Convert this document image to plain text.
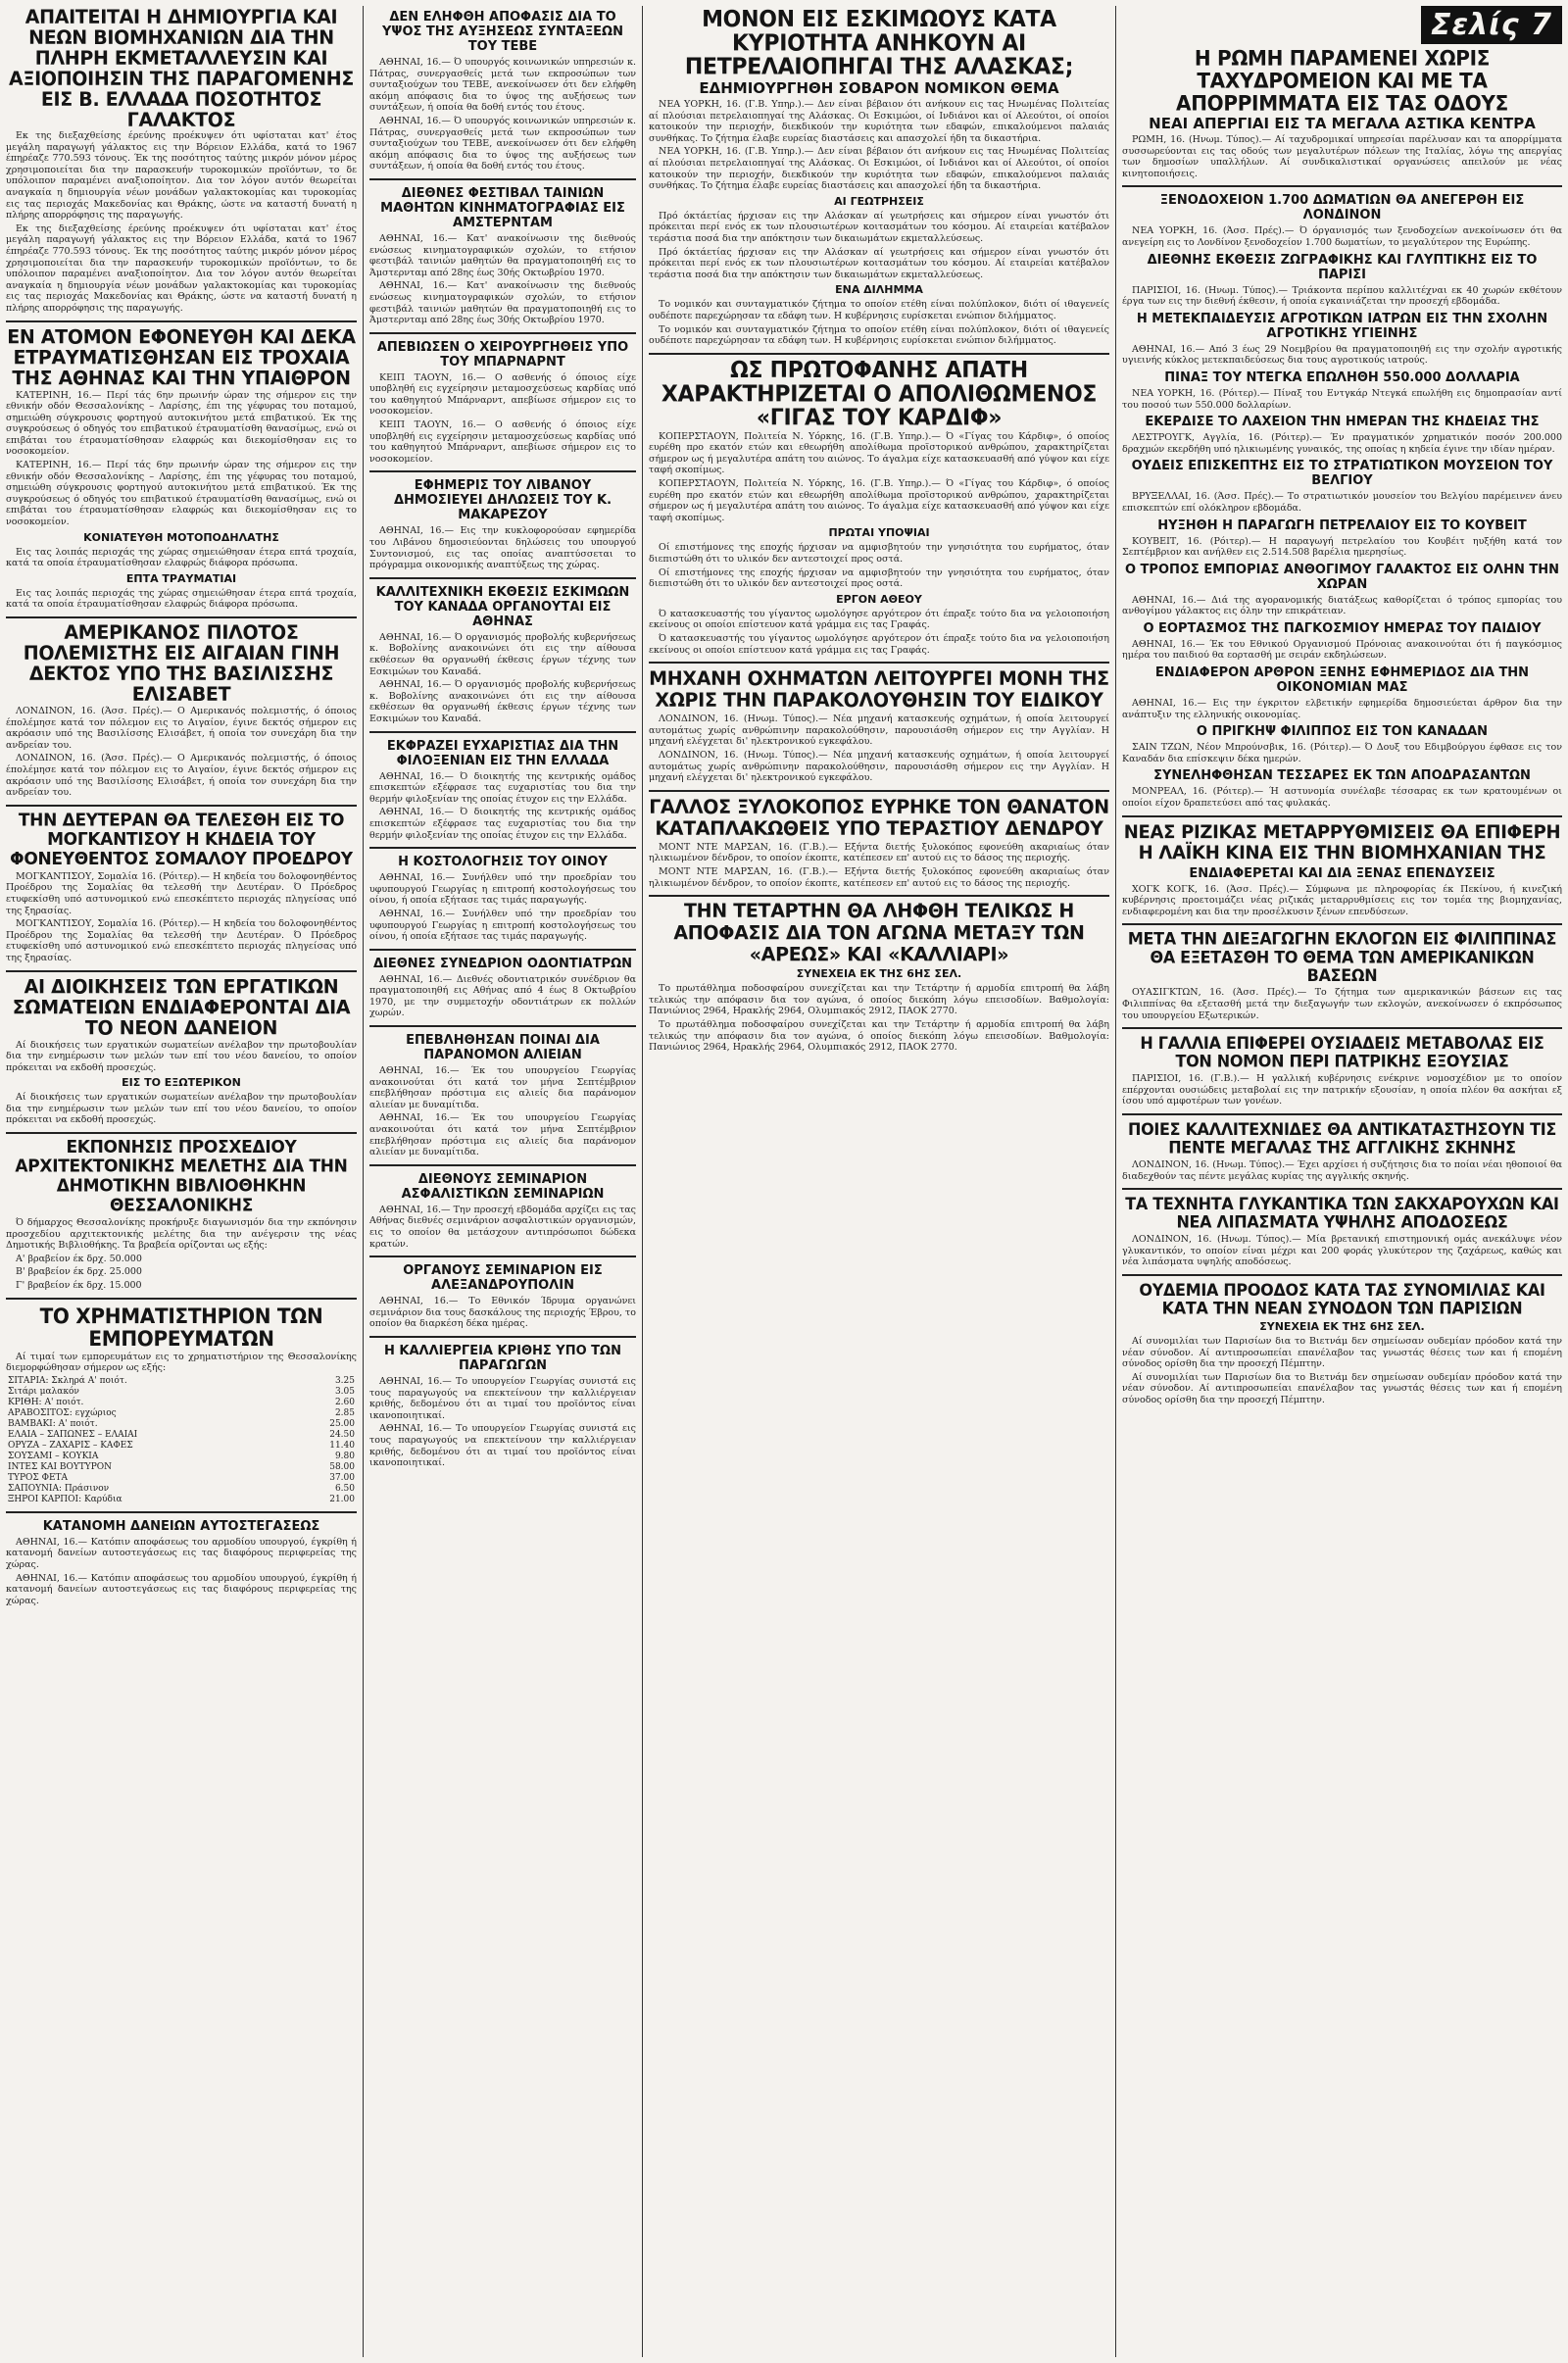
ΑΠΑΙΤΕΙΤΑΙ Η ΔΗΜΙΟΥΡΓΙΑ ΚΑΙ ΝΕΩΝ ΒΙΟΜΗΧΑΝΙΩΝ ΔΙΑ ΤΗΝ ΠΛΗΡΗ ΕΚΜΕΤΑΛΛΕΥΣΙΝ ΚΑΙ ΑΞΙΟΠΟΙΗΣΙΝ ΤΗΣ ΠΑΡΑΓΟΜΕΝΗΣ ΕΙΣ Β. ΕΛΛΑΔΑ ΠΟΣΟΤΗΤΟΣ ΓΑΛΑΚΤΟΣ

Εκ της διεξαχθείσης έρεύνης προέκυψεν ότι υφίσταται κατ' έτος μεγάλη παραγωγή γάλακτος εις την Βόρειον Ελλάδα, κατά το 1967 έπηρέαζε 770.593 τόνους. Έκ της ποσότητος ταύτης μικρόν μόνον μέρος χρησιμοποιείται δια την παρασκευήν τυροκομικών προϊόντων, το δε υπόλοιπον παραμένει αναξιοποίητον. Δια τον λόγον αυτόν θεωρείται αναγκαία η δημιουργία νέων μονάδων γαλακτοκομίας και τυροκομίας εις τας περιοχάς Μακεδονίας και Θράκης, ώστε να καταστή δυνατή η πλήρης απορρόφησις της παραγωγής.

Εκ της διεξαχθείσης έρεύνης προέκυψεν ότι υφίσταται κατ' έτος μεγάλη παραγωγή γάλακτος εις την Βόρειον Ελλάδα, κατά το 1967 έπηρέαζε 770.593 τόνους. Έκ της ποσότητος ταύτης μικρόν μόνον μέρος χρησιμοποιείται δια την παρασκευήν τυροκομικών προϊόντων, το δε υπόλοιπον παραμένει αναξιοποίητον. Δια τον λόγον αυτόν θεωρείται αναγκαία η δημιουργία νέων μονάδων γαλακτοκομίας και τυροκομίας εις τας περιοχάς Μακεδονίας και Θράκης, ώστε να καταστή δυνατή η πλήρης απορρόφησις της παραγωγής.

ΕΝ ΑΤΟΜΟΝ ΕΦΟΝΕΥΘΗ ΚΑΙ ΔΕΚΑ ΕΤΡΑΥΜΑΤΙΣΘΗΣΑΝ ΕΙΣ ΤΡΟΧΑΙΑ ΤΗΣ ΑΘΗΝΑΣ ΚΑΙ ΤΗΝ ΥΠΑΙΘΡΟΝ

ΚΑΤΕΡΙΝΗ, 16.— Περί τάς 6ην πρωινήν ώραν της σήμερον εις την εθνικήν οδόν Θεσσαλονίκης – Λαρίσης, έπι της γέφυρας του ποταμού, σημειώθη σύγκρουσις φορτηγού αυτοκινήτου μετά επιβατικού. Έκ της συγκρούσεως ό οδηγός του επιβατικού έτραυματίσθη θανασίμως, ενώ οι επιβάται του έτραυματίσθησαν ελαφρώς και διεκομίσθησαν εις το νοσοκομείον.

ΚΑΤΕΡΙΝΗ, 16.— Περί τάς 6ην πρωινήν ώραν της σήμερον εις την εθνικήν οδόν Θεσσαλονίκης – Λαρίσης, έπι της γέφυρας του ποταμού, σημειώθη σύγκρουσις φορτηγού αυτοκινήτου μετά επιβατικού. Έκ της συγκρούσεως ό οδηγός του επιβατικού έτραυματίσθη θανασίμως, ενώ οι επιβάται του έτραυματίσθησαν ελαφρώς και διεκομίσθησαν εις το νοσοκομείον.

ΚΟΝΙΑΤΕΥΘΗ ΜΟΤΟΠΟΔΗΛΑΤΗΣ

Εις τας λοιπάς περιοχάς της χώρας σημειώθησαν έτερα επτά τροχαία, κατά τα οποία έτραυματίσθησαν ελαφρώς διάφορα πρόσωπα.

ΕΠΤΑ ΤΡΑΥΜΑΤΙΑΙ

Εις τας λοιπάς περιοχάς της χώρας σημειώθησαν έτερα επτά τροχαία, κατά τα οποία έτραυματίσθησαν ελαφρώς διάφορα πρόσωπα.

ΑΜΕΡΙΚΑΝΟΣ ΠΙΛΟΤΟΣ ΠΟΛΕΜΙΣΤΗΣ ΕΙΣ ΑΙΓΑΙΑΝ ΓΙΝΗ ΔΕΚΤΟΣ ΥΠΟ ΤΗΣ ΒΑΣΙΛΙΣΣΗΣ ΕΛΙΣΑΒΕΤ

ΛΟΝΔΙΝΟΝ, 16. (Άσσ. Πρές).— Ο Αμερικανός πολεμιστής, ό όποιος έπολέμησε κατά τον πόλεμον εις το Αιγαίον, έγινε δεκτός σήμερον εις ακρόασιν υπό της Βασιλίσσης Ελισάβετ, ή οποία τον συνεχάρη δια την ανδρείαν του.

ΛΟΝΔΙΝΟΝ, 16. (Άσσ. Πρές).— Ο Αμερικανός πολεμιστής, ό όποιος έπολέμησε κατά τον πόλεμον εις το Αιγαίον, έγινε δεκτός σήμερον εις ακρόασιν υπό της Βασιλίσσης Ελισάβετ, ή οποία τον συνεχάρη δια την ανδρείαν του.

ΤΗΝ ΔΕΥΤΕΡΑΝ ΘΑ ΤΕΛΕΣΘΗ ΕΙΣ ΤΟ ΜΟΓΚΑΝΤΙΣΟΥ Η ΚΗΔΕΙΑ ΤΟΥ ΦΟΝΕΥΘΕΝΤΟΣ ΣΟΜΑΛΟΥ ΠΡΟΕΔΡΟΥ

ΜΟΓΚΑΝΤΙΣΟΥ, Σομαλία 16. (Ρόιτερ).— Η κηδεία του δολοφονηθέντος Προέδρου της Σομαλίας θα τελεσθή την Δευτέραν. Ό Πρόεδρος ετυφεκίσθη υπό αστυνομικού ενώ επεσκέπτετο περιοχάς πληγείσας υπό της ξηρασίας.

ΜΟΓΚΑΝΤΙΣΟΥ, Σομαλία 16. (Ρόιτερ).— Η κηδεία του δολοφονηθέντος Προέδρου της Σομαλίας θα τελεσθή την Δευτέραν. Ό Πρόεδρος ετυφεκίσθη υπό αστυνομικού ενώ επεσκέπτετο περιοχάς πληγείσας υπό της ξηρασίας.

ΑΙ ΔΙΟΙΚΗΣΕΙΣ ΤΩΝ ΕΡΓΑΤΙΚΩΝ ΣΩΜΑΤΕΙΩΝ ΕΝΔΙΑΦΕΡΟΝΤΑΙ ΔΙΑ ΤΟ ΝΕΟΝ ΔΑΝΕΙΟΝ

Αί διοικήσεις των εργατικών σωματείων ανέλαβον την πρωτοβουλίαν δια την ενημέρωσιν των μελών των επί του νέου δανείου, το οποίον πρόκειται να εκδοθή προσεχώς.

ΕΙΣ ΤΟ ΕΞΩΤΕΡΙΚΟΝ

Αί διοικήσεις των εργατικών σωματείων ανέλαβον την πρωτοβουλίαν δια την ενημέρωσιν των μελών των επί του νέου δανείου, το οποίον πρόκειται να εκδοθή προσεχώς.

ΕΚΠΟΝΗΣΙΣ ΠΡΟΣΧΕΔΙΟΥ ΑΡΧΙΤΕΚΤΟΝΙΚΗΣ ΜΕΛΕΤΗΣ ΔΙΑ ΤΗΝ ΔΗΜΟΤΙΚΗΝ ΒΙΒΛΙΟΘΗΚΗΝ ΘΕΣΣΑΛΟΝΙΚΗΣ

Ό δήμαρχος Θεσσαλονίκης προκήρυξε διαγωνισμόν δια την εκπόνησιν προσχεδίου αρχιτεκτονικής μελέτης δια την ανέγερσιν της νέας Δημοτικής Βιβλιοθήκης. Τα βραβεία ορίζονται ως εξής:

Α' βραβείον έκ δρχ. 50.000

Β' βραβείον έκ δρχ. 25.000

Γ' βραβείον έκ δρχ. 15.000

ΤΟ ΧΡΗΜΑΤΙΣΤΗΡΙΟΝ ΤΩΝ ΕΜΠΟΡΕΥΜΑΤΩΝ

Αί τιμαί των εμπορευμάτων εις το χρηματιστήριον της Θεσσαλονίκης διεμορφώθησαν σήμερον ως εξής:

ΣΙΤΑΡΙΑ: Σκληρά Α' ποιότ.	3.25
Σιτάρι μαλακόν	3.05
ΚΡΙΘΗ: Α' ποιότ.	2.60
ΑΡΑΒΟΣΙΤΟΣ: εγχώριος	2.85
ΒΑΜΒΑΚΙ: Α' ποιότ.	25.00
ΕΛΑΙΑ – ΣΑΠΩΝΕΣ – ΕΛΑΙΑΙ	24.50
ΟΡΥΖΑ – ΖΑΧΑΡΙΣ – ΚΑΦΕΣ	11.40
ΣΟΥΣΑΜΙ – ΚΟΥΚΙΑ	9.80
ΙΝΤΕΣ ΚΑΙ ΒΟΥΤΥΡΟΝ	58.00
ΤΥΡΟΣ ΦΕΤΑ	37.00
ΣΑΠΟΥΝΙΑ: Πράσινον	6.50
ΞΗΡΟΙ ΚΑΡΠΟΙ: Καρύδια	21.00
ΚΑΤΑΝΟΜΗ ΔΑΝΕΙΩΝ ΑΥΤΟΣΤΕΓΑΣΕΩΣ

ΑΘΗΝΑΙ, 16.— Κατόπιν αποφάσεως του αρμοδίου υπουργού, έγκρίθη ή κατανομή δανείων αυτοστεγάσεως εις τας διαφόρους περιφερείας της χώρας.

ΑΘΗΝΑΙ, 16.— Κατόπιν αποφάσεως του αρμοδίου υπουργού, έγκρίθη ή κατανομή δανείων αυτοστεγάσεως εις τας διαφόρους περιφερείας της χώρας.

ΔΕΝ ΕΛΗΦΘΗ ΑΠΟΦΑΣΙΣ ΔΙΑ ΤΟ ΥΨΟΣ ΤΗΣ ΑΥΞΗΣΕΩΣ ΣΥΝΤΑΞΕΩΝ ΤΟΥ ΤΕΒΕ

ΑΘΗΝΑΙ, 16.— Ό υπουργός κοινωνικών υπηρεσιών κ. Πάτρας, συνεργασθείς μετά των εκπροσώπων των συνταξιούχων του ΤΕΒΕ, ανεκοίνωσεν ότι δεν ελήφθη ακόμη απόφασις δια το ύψος της αυξήσεως των συντάξεων, ή οποία θα δοθή εντός του έτους.

ΑΘΗΝΑΙ, 16.— Ό υπουργός κοινωνικών υπηρεσιών κ. Πάτρας, συνεργασθείς μετά των εκπροσώπων των συνταξιούχων του ΤΕΒΕ, ανεκοίνωσεν ότι δεν ελήφθη ακόμη απόφασις δια το ύψος της αυξήσεως των συντάξεων, ή οποία θα δοθή εντός του έτους.

ΔΙΕΘΝΕΣ ΦΕΣΤΙΒΑΛ ΤΑΙΝΙΩΝ ΜΑΘΗΤΩΝ ΚΙΝΗΜΑΤΟΓΡΑΦΙΑΣ ΕΙΣ ΑΜΣΤΕΡΝΤΑΜ

ΑΘΗΝΑΙ, 16.— Κατ' ανακοίνωσιν της διεθνούς ενώσεως κινηματογραφικών σχολών, το ετήσιον φεστιβάλ ταινιών μαθητών θα πραγματοποιηθή εις το Άμστερνταμ από 28ης έως 30ής Οκτωβρίου 1970.

ΑΘΗΝΑΙ, 16.— Κατ' ανακοίνωσιν της διεθνούς ενώσεως κινηματογραφικών σχολών, το ετήσιον φεστιβάλ ταινιών μαθητών θα πραγματοποιηθή εις το Άμστερνταμ από 28ης έως 30ής Οκτωβρίου 1970.

ΑΠΕΒΙΩΣΕΝ Ο ΧΕΙΡΟΥΡΓΗΘΕΙΣ ΥΠΟ ΤΟΥ ΜΠΑΡΝΑΡΝΤ

ΚΕΙΠ ΤΑΟΥΝ, 16.— Ο ασθενής ό όποιος είχε υποβληθή εις εγχείρησιν μεταμοσχεύσεως καρδίας υπό του καθηγητού Μπάρναρντ, απεβίωσε σήμερον εις το νοσοκομείον.

ΚΕΙΠ ΤΑΟΥΝ, 16.— Ο ασθενής ό όποιος είχε υποβληθή εις εγχείρησιν μεταμοσχεύσεως καρδίας υπό του καθηγητού Μπάρναρντ, απεβίωσε σήμερον εις το νοσοκομείον.

ΕΦΗΜΕΡΙΣ ΤΟΥ ΛΙΒΑΝΟΥ ΔΗΜΟΣΙΕΥΕΙ ΔΗΛΩΣΕΙΣ ΤΟΥ Κ. ΜΑΚΑΡΕΖΟΥ

ΑΘΗΝΑΙ, 16.— Εις την κυκλοφορούσαν εφημερίδα του Λιβάνου δημοσιεύονται δηλώσεις του υπουργού Συντονισμού, εις τας οποίας αναπτύσσεται το πρόγραμμα οικονομικής αναπτύξεως της χώρας.

ΚΑΛΛΙΤΕΧΝΙΚΗ ΕΚΘΕΣΙΣ ΕΣΚΙΜΩΩΝ ΤΟΥ ΚΑΝΑΔΑ ΟΡΓΑΝΟΥΤΑΙ ΕΙΣ ΑΘΗΝΑΣ

ΑΘΗΝΑΙ, 16.— Ό οργανισμός προβολής κυβερνήσεως κ. Βοβολίνης ανακοινώνει ότι εις την αίθουσα εκθέσεων θα οργανωθή έκθεσις έργων τέχνης των Εσκιμώων του Καναδά.

ΑΘΗΝΑΙ, 16.— Ό οργανισμός προβολής κυβερνήσεως κ. Βοβολίνης ανακοινώνει ότι εις την αίθουσα εκθέσεων θα οργανωθή έκθεσις έργων τέχνης των Εσκιμώων του Καναδά.

ΕΚΦΡΑΖΕΙ ΕΥΧΑΡΙΣΤΙΑΣ ΔΙΑ ΤΗΝ ΦΙΛΟΞΕΝΙΑΝ ΕΙΣ ΤΗΝ ΕΛΛΑΔΑ

ΑΘΗΝΑΙ, 16.— Ό διοικητής της κεντρικής ομάδος επισκεπτών εξέφρασε τας ευχαριστίας του δια την θερμήν φιλοξενίαν της οποίας έτυχον εις την Ελλάδα.

ΑΘΗΝΑΙ, 16.— Ό διοικητής της κεντρικής ομάδος επισκεπτών εξέφρασε τας ευχαριστίας του δια την θερμήν φιλοξενίαν της οποίας έτυχον εις την Ελλάδα.

Η ΚΟΣΤΟΛΟΓΗΣΙΣ ΤΟΥ ΟΙΝΟΥ

ΑΘΗΝΑΙ, 16.— Συνήλθεν υπό την προεδρίαν του υφυπουργού Γεωργίας η επιτροπή κοστολογήσεως του οίνου, ή οποία εξήτασε τας τιμάς παραγωγής.

ΑΘΗΝΑΙ, 16.— Συνήλθεν υπό την προεδρίαν του υφυπουργού Γεωργίας η επιτροπή κοστολογήσεως του οίνου, ή οποία εξήτασε τας τιμάς παραγωγής.

ΔΙΕΘΝΕΣ ΣΥΝΕΔΡΙΟΝ ΟΔΟΝΤΙΑΤΡΩΝ

ΑΘΗΝΑΙ, 16.— Διεθνές οδοντιατρικόν συνέδριον θα πραγματοποιηθή εις Αθήνας από 4 έως 8 Οκτωβρίου 1970, με την συμμετοχήν οδοντιάτρων εκ πολλών χωρών.

ΕΠΕΒΛΗΘΗΣΑΝ ΠΟΙΝΑΙ ΔΙΑ ΠΑΡΑΝΟΜΟΝ ΑΛΙΕΙΑΝ

ΑΘΗΝΑΙ, 16.— Έκ του υπουργείου Γεωργίας ανακοινούται ότι κατά τον μήνα Σεπτέμβριον επεβλήθησαν πρόστιμα εις αλιείς δια παράνομον αλιείαν με δυναμίτιδα.

ΑΘΗΝΑΙ, 16.— Έκ του υπουργείου Γεωργίας ανακοινούται ότι κατά τον μήνα Σεπτέμβριον επεβλήθησαν πρόστιμα εις αλιείς δια παράνομον αλιείαν με δυναμίτιδα.

ΔΙΕΘΝΟΥΣ ΣΕΜΙΝΑΡΙΟΝ ΑΣΦΑΛΙΣΤΙΚΩΝ ΣΕΜΙΝΑΡΙΩΝ

ΑΘΗΝΑΙ, 16.— Την προσεχή εβδομάδα αρχίζει εις τας Αθήνας διεθνές σεμινάριον ασφαλιστικών οργανισμών, εις το οποίον θα μετάσχουν αντιπρόσωποι δώδεκα κρατών.

ΟΡΓΑΝΟΥΣ ΣΕΜΙΝΑΡΙΟΝ ΕΙΣ ΑΛΕΞΑΝΔΡΟΥΠΟΛΙΝ

ΑΘΗΝΑΙ, 16.— Το Εθνικόν Ίδρυμα οργανώνει σεμινάριον δια τους δασκάλους της περιοχής Έβρου, το οποίον θα διαρκέση δέκα ημέρας.

Η ΚΑΛΛΙΕΡΓΕΙΑ ΚΡΙΘΗΣ ΥΠΟ ΤΩΝ ΠΑΡΑΓΩΓΩΝ

ΑΘΗΝΑΙ, 16.— Το υπουργείον Γεωργίας συνιστά εις τους παραγωγούς να επεκτείνουν την καλλιέργειαν κριθής, δεδομένου ότι αι τιμαί του προϊόντος είναι ικανοποιητικαί.

ΑΘΗΝΑΙ, 16.— Το υπουργείον Γεωργίας συνιστά εις τους παραγωγούς να επεκτείνουν την καλλιέργειαν κριθής, δεδομένου ότι αι τιμαί του προϊόντος είναι ικανοποιητικαί.

ΜΟΝΟΝ ΕΙΣ ΕΣΚΙΜΩΟΥΣ ΚΑΤΑ ΚΥΡΙΟΤΗΤΑ ΑΝΗΚΟΥΝ ΑΙ ΠΕΤΡΕΛΑΙΟΠΗΓΑΙ ΤΗΣ ΑΛΑΣΚΑΣ;
ΕΔΗΜΙΟΥΡΓΗΘΗ ΣΟΒΑΡΟΝ ΝΟΜΙΚΟΝ ΘΕΜΑ

ΝΕΑ ΥΟΡΚΗ, 16. (Γ.Β. Υπηρ.).— Δεν είναι βέβαιον ότι ανήκουν εις τας Ηνωμένας Πολιτείας αί πλούσιαι πετρελαιοπηγαί της Αλάσκας. Οι Εσκιμώοι, οί Ινδιάνοι και οί Αλεούτοι, οί οποίοι κατοικούν την περιοχήν, διεκδικούν την κυριότητα των εδαφών, επικαλούμενοι παλαιάς συνθήκας. Το ζήτημα έλαβε ευρείας διαστάσεις και απασχολεί ήδη τα δικαστήρια.

ΝΕΑ ΥΟΡΚΗ, 16. (Γ.Β. Υπηρ.).— Δεν είναι βέβαιον ότι ανήκουν εις τας Ηνωμένας Πολιτείας αί πλούσιαι πετρελαιοπηγαί της Αλάσκας. Οι Εσκιμώοι, οί Ινδιάνοι και οί Αλεούτοι, οί οποίοι κατοικούν την περιοχήν, διεκδικούν την κυριότητα των εδαφών, επικαλούμενοι παλαιάς συνθήκας. Το ζήτημα έλαβε ευρείας διαστάσεις και απασχολεί ήδη τα δικαστήρια.

ΑΙ ΓΕΩΤΡΗΣΕΙΣ

Πρό όκτάετίας ήρχισαν εις την Αλάσκαν αί γεωτρήσεις και σήμερον είναι γνωστόν ότι πρόκειται περί ενός εκ των πλουσιωτέρων κοιτασμάτων του κόσμου. Αί εταιρείαι κατέβαλον τεράστια ποσά δια την απόκτησιν των δικαιωμάτων εκμεταλλεύσεως.

Πρό όκτάετίας ήρχισαν εις την Αλάσκαν αί γεωτρήσεις και σήμερον είναι γνωστόν ότι πρόκειται περί ενός εκ των πλουσιωτέρων κοιτασμάτων του κόσμου. Αί εταιρείαι κατέβαλον τεράστια ποσά δια την απόκτησιν των δικαιωμάτων εκμεταλλεύσεως.

ΕΝΑ ΔΙΛΗΜΜΑ

Το νομικόν και συνταγματικόν ζήτημα το οποίον ετέθη είναι πολύπλοκον, διότι οί ιθαγενείς ουδέποτε παρεχώρησαν τα εδάφη των. Η κυβέρνησις ευρίσκεται ενώπιον διλήμματος.

Το νομικόν και συνταγματικόν ζήτημα το οποίον ετέθη είναι πολύπλοκον, διότι οί ιθαγενείς ουδέποτε παρεχώρησαν τα εδάφη των. Η κυβέρνησις ευρίσκεται ενώπιον διλήμματος.

ΩΣ ΠΡΩΤΟΦΑΝΗΣ ΑΠΑΤΗ ΧΑΡΑΚΤΗΡΙΖΕΤΑΙ Ο ΑΠΟΛΙΘΩΜΕΝΟΣ «ΓΙΓΑΣ ΤΟΥ ΚΑΡΔΙΦ»

ΚΟΠΕΡΣΤΑΟΥΝ, Πολιτεία Ν. Υόρκης, 16. (Γ.Β. Υπηρ.).— Ό «Γίγας του Κάρδιφ», ό οποίος ευρέθη προ εκατόν ετών και εθεωρήθη απολίθωμα προϊστορικού ανθρώπου, χαρακτηρίζεται σήμερον ως ή μεγαλυτέρα απάτη του αιώνος. Το άγαλμα είχε κατασκευασθή από γύψον και είχε ταφή σκοπίμως.

ΚΟΠΕΡΣΤΑΟΥΝ, Πολιτεία Ν. Υόρκης, 16. (Γ.Β. Υπηρ.).— Ό «Γίγας του Κάρδιφ», ό οποίος ευρέθη προ εκατόν ετών και εθεωρήθη απολίθωμα προϊστορικού ανθρώπου, χαρακτηρίζεται σήμερον ως ή μεγαλυτέρα απάτη του αιώνος. Το άγαλμα είχε κατασκευασθή από γύψον και είχε ταφή σκοπίμως.

ΠΡΩΤΑΙ ΥΠΟΨΙΑΙ

Οί επιστήμονες της εποχής ήρχισαν να αμφισβητούν την γνησιότητα του ευρήματος, όταν διεπιστώθη ότι το υλικόν δεν αντεστοιχεί προς οστά.

Οί επιστήμονες της εποχής ήρχισαν να αμφισβητούν την γνησιότητα του ευρήματος, όταν διεπιστώθη ότι το υλικόν δεν αντεστοιχεί προς οστά.

ΕΡΓΟΝ ΑΘΕΟΥ

Ό κατασκευαστής του γίγαντος ωμολόγησε αργότερον ότι έπραξε τούτο δια να γελοιοποιήση εκείνους οι οποίοι επίστευον κατά γράμμα εις τας Γραφάς.

Ό κατασκευαστής του γίγαντος ωμολόγησε αργότερον ότι έπραξε τούτο δια να γελοιοποιήση εκείνους οι οποίοι επίστευον κατά γράμμα εις τας Γραφάς.

ΜΗΧΑΝΗ ΟΧΗΜΑΤΩΝ ΛΕΙΤΟΥΡΓΕΙ ΜΟΝΗ ΤΗΣ ΧΩΡΙΣ ΤΗΝ ΠΑΡΑΚΟΛΟΥΘΗΣΙΝ ΤΟΥ ΕΙΔΙΚΟΥ

ΛΟΝΔΙΝΟΝ, 16. (Ηνωμ. Τύπος).— Νέα μηχανή κατασκευής οχημάτων, ή οποία λειτουργεί αυτομάτως χωρίς ανθρώπινην παρακολούθησιν, παρουσιάσθη σήμερον εις την Αγγλίαν. Η μηχανή ελέγχεται δι' ηλεκτρονικού εγκεφάλου.

ΛΟΝΔΙΝΟΝ, 16. (Ηνωμ. Τύπος).— Νέα μηχανή κατασκευής οχημάτων, ή οποία λειτουργεί αυτομάτως χωρίς ανθρώπινην παρακολούθησιν, παρουσιάσθη σήμερον εις την Αγγλίαν. Η μηχανή ελέγχεται δι' ηλεκτρονικού εγκεφάλου.

ΓΑΛΛΟΣ ΞΥΛΟΚΟΠΟΣ ΕΥΡΗΚΕ ΤΟΝ ΘΑΝΑΤΟΝ ΚΑΤΑΠΛΑΚΩΘΕΙΣ ΥΠΟ ΤΕΡΑΣΤΙΟΥ ΔΕΝΔΡΟΥ

ΜΟΝΤ ΝΤΕ ΜΑΡΣΑΝ, 16. (Γ.Β.).— Εξήντα διετής ξυλοκόπος εφονεύθη ακαριαίως όταν ηλικιωμένον δένδρον, το οποίον έκοπτε, κατέπεσεν επ' αυτού εις το δάσος της περιοχής.

ΜΟΝΤ ΝΤΕ ΜΑΡΣΑΝ, 16. (Γ.Β.).— Εξήντα διετής ξυλοκόπος εφονεύθη ακαριαίως όταν ηλικιωμένον δένδρον, το οποίον έκοπτε, κατέπεσεν επ' αυτού εις το δάσος της περιοχής.

ΤΗΝ ΤΕΤΑΡΤΗΝ ΘΑ ΛΗΦΘΗ ΤΕΛΙΚΩΣ Η ΑΠΟΦΑΣΙΣ ΔΙΑ ΤΟΝ ΑΓΩΝΑ ΜΕΤΑΞΥ ΤΩΝ «ΑΡΕΩΣ» ΚΑΙ «ΚΑΛΛΙΑΡΙ»
ΣΥΝΕΧΕΙΑ ΕΚ ΤΗΣ 6ΗΣ ΣΕΛ.

Το πρωτάθλημα ποδοσφαίρου συνεχίζεται και την Τετάρτην ή αρμοδία επιτροπή θα λάβη τελικώς την απόφασιν δια τον αγώνα, ό οποίος διεκόπη λόγω επεισοδίων. Βαθμολογία: Πανιώνιος 2964, Ηρακλής 2964, Ολυμπιακός 2912, ΠΑΟΚ 2770.

Το πρωτάθλημα ποδοσφαίρου συνεχίζεται και την Τετάρτην ή αρμοδία επιτροπή θα λάβη τελικώς την απόφασιν δια τον αγώνα, ό οποίος διεκόπη λόγω επεισοδίων. Βαθμολογία: Πανιώνιος 2964, Ηρακλής 2964, Ολυμπιακός 2912, ΠΑΟΚ 2770.

Σελίς 7
Η ΡΩΜΗ ΠΑΡΑΜΕΝΕΙ ΧΩΡΙΣ ΤΑΧΥΔΡΟΜΕΙΟΝ ΚΑΙ ΜΕ ΤΑ ΑΠΟΡΡΙΜΜΑΤΑ ΕΙΣ ΤΑΣ ΟΔΟΥΣ
ΝΕΑΙ ΑΠΕΡΓΙΑΙ ΕΙΣ ΤΑ ΜΕΓΑΛΑ ΑΣΤΙΚΑ ΚΕΝΤΡΑ

ΡΩΜΗ, 16. (Ηνωμ. Τύπος).— Αί ταχυδρομικαί υπηρεσίαι παρέλυσαν και τα απορρίμματα συσσωρεύονται εις τας οδούς των μεγαλυτέρων πόλεων της Ιταλίας, λόγω της απεργίας των δημοσίων υπαλλήλων. Αί συνδικαλιστικαί οργανώσεις απειλούν με νέας κινητοποιήσεις.

ΞΕΝΟΔΟΧΕΙΟΝ 1.700 ΔΩΜΑΤΙΩΝ ΘΑ ΑΝΕΓΕΡΘΗ ΕΙΣ ΛΟΝΔΙΝΟΝ

ΝΕΑ ΥΟΡΚΗ, 16. (Άσσ. Πρές).— Ό όργανισμός των ξενοδοχείων ανεκοίνωσεν ότι θα ανεγείρη εις το Λονδίνον ξενοδοχείον 1.700 δωματίων, το μεγαλύτερον της Ευρώπης.

ΔΙΕΘΝΗΣ ΕΚΘΕΣΙΣ ΖΩΓΡΑΦΙΚΗΣ ΚΑΙ ΓΛΥΠΤΙΚΗΣ ΕΙΣ ΤΟ ΠΑΡΙΣΙ

ΠΑΡΙΣΙΟΙ, 16. (Ηνωμ. Τύπος).— Τριάκοντα περίπου καλλιτέχναι εκ 40 χωρών εκθέτουν έργα των εις την διεθνή έκθεσιν, ή οποία εγκαινιάζεται την προσεχή εβδομάδα.

Η ΜΕΤΕΚΠΑΙΔΕΥΣΙΣ ΑΓΡΟΤΙΚΩΝ ΙΑΤΡΩΝ ΕΙΣ ΤΗΝ ΣΧΟΛΗΝ ΑΓΡΟΤΙΚΗΣ ΥΓΙΕΙΝΗΣ

ΑΘΗΝΑΙ, 16.— Από 3 έως 29 Νοεμβρίου θα πραγματοποιηθή εις την σχολήν αγροτικής υγιεινής κύκλος μετεκπαιδεύσεως δια τους αγροτικούς ιατρούς.

ΠΙΝΑΞ ΤΟΥ ΝΤΕΓΚΑ ΕΠΩΛΗΘΗ 550.000 ΔΟΛΛΑΡΙΑ

ΝΕΑ ΥΟΡΚΗ, 16. (Ρόιτερ).— Πίναξ του Εντγκάρ Ντεγκά επωλήθη εις δημοπρασίαν αντί του ποσού των 550.000 δολλαρίων.

ΕΚΕΡΔΙΣΕ ΤΟ ΛΑΧΕΙΟΝ ΤΗΝ ΗΜΕΡΑΝ ΤΗΣ ΚΗΔΕΙΑΣ ΤΗΣ

ΛΕΣΤΡΟΥΓΚ, Αγγλία, 16. (Ρόιτερ).— Έν πραγματικόν χρηματικόν ποσόν 200.000 δραχμών εκερδήθη υπό ηλικιωμένης γυναικός, της οποίας η κηδεία έγινε την ιδίαν ημέραν.

ΟΥΔΕΙΣ ΕΠΙΣΚΕΠΤΗΣ ΕΙΣ ΤΟ ΣΤΡΑΤΙΩΤΙΚΟΝ ΜΟΥΣΕΙΟΝ ΤΟΥ ΒΕΛΓΙΟΥ

ΒΡΥΞΕΛΛΑΙ, 16. (Άσσ. Πρές).— Το στρατιωτικόν μουσείον του Βελγίου παρέμεινεν άνευ επισκεπτών επί ολόκληρον εβδομάδα.

ΗΥΞΗΘΗ Η ΠΑΡΑΓΩΓΗ ΠΕΤΡΕΛΑΙΟΥ ΕΙΣ ΤΟ ΚΟΥΒΕΙΤ

ΚΟΥΒΕΙΤ, 16. (Ρόιτερ).— Η παραγωγή πετρελαίου του Κουβέιτ ηυξήθη κατά τον Σεπτέμβριον και ανήλθεν εις 2.514.508 βαρέλια ημερησίως.

Ο ΤΡΟΠΟΣ ΕΜΠΟΡΙΑΣ ΑΝΘΟΓΙΜΟΥ ΓΑΛΑΚΤΟΣ ΕΙΣ ΟΛΗΝ ΤΗΝ ΧΩΡΑΝ

ΑΘΗΝΑΙ, 16.— Διά της αγορανομικής διατάξεως καθορίζεται ό τρόπος εμπορίας του ανθογίμου γάλακτος εις όλην την επικράτειαν.

Ο ΕΟΡΤΑΣΜΟΣ ΤΗΣ ΠΑΓΚΟΣΜΙΟΥ ΗΜΕΡΑΣ ΤΟΥ ΠΑΙΔΙΟΥ

ΑΘΗΝΑΙ, 16.— Έκ του Εθνικού Οργανισμού Πρόνοιας ανακοινούται ότι ή παγκόσμιος ημέρα του παιδιού θα εορτασθή με σειράν εκδηλώσεων.

ΕΝΔΙΑΦΕΡΟΝ ΑΡΘΡΟΝ ΞΕΝΗΣ ΕΦΗΜΕΡΙΔΟΣ ΔΙΑ ΤΗΝ ΟΙΚΟΝΟΜΙΑΝ ΜΑΣ

ΑΘΗΝΑΙ, 16.— Εις την έγκριτον ελβετικήν εφημερίδα δημοσιεύεται άρθρον δια την ανάπτυξιν της ελληνικής οικονομίας.

Ο ΠΡΙΓΚΗΨ ΦΙΛΙΠΠΟΣ ΕΙΣ ΤΟΝ ΚΑΝΑΔΑΝ

ΣΑΙΝ ΤΖΩΝ, Νέον Μπρούνσβικ, 16. (Ρόιτερ).— Ό Δουξ του Εδιμβούργου έφθασε εις τον Καναδάν δια επίσκεψιν δέκα ημερών.

ΣΥΝΕΛΗΦΘΗΣΑΝ ΤΕΣΣΑΡΕΣ ΕΚ ΤΩΝ ΑΠΟΔΡΑΣΑΝΤΩΝ

ΜΟΝΡΕΑΛ, 16. (Ρόιτερ).— Ή αστυνομία συνέλαβε τέσσαρας εκ των κρατουμένων οι οποίοι είχον δραπετεύσει από τας φυλακάς.

ΝΕΑΣ ΡΙΖΙΚΑΣ ΜΕΤΑΡΡΥΘΜΙΣΕΙΣ ΘΑ ΕΠΙΦΕΡΗ Η ΛΑΪΚΗ ΚΙΝΑ ΕΙΣ ΤΗΝ ΒΙΟΜΗΧΑΝΙΑΝ ΤΗΣ
ΕΝΔΙΑΦΕΡΕΤΑΙ ΚΑΙ ΔΙΑ ΞΕΝΑΣ ΕΠΕΝΔΥΣΕΙΣ

ΧΟΓΚ ΚΟΓΚ, 16. (Άσσ. Πρές).— Σύμφωνα με πληροφορίας έκ Πεκίνου, ή κινεζική κυβέρνησις προετοιμάζει νέας ριζικάς μεταρρυθμίσεις εις τον τομέα της βιομηχανίας, ενδιαφερομένη και δια την προσέλκυσιν ξένων επενδύσεων.

ΜΕΤΑ ΤΗΝ ΔΙΕΞΑΓΩΓΗΝ ΕΚΛΟΓΩΝ ΕΙΣ ΦΙΛΙΠΠΙΝΑΣ ΘΑ ΕΞΕΤΑΣΘΗ ΤΟ ΘΕΜΑ ΤΩΝ ΑΜΕΡΙΚΑΝΙΚΩΝ ΒΑΣΕΩΝ

ΟΥΑΣΙΓΚΤΩΝ, 16. (Άσσ. Πρές).— Το ζήτημα των αμερικανικών βάσεων εις τας Φιλιππίνας θα εξετασθή μετά την διεξαγωγήν των εκλογών, ανεκοίνωσεν ό εκπρόσωπος του υπουργείου Εξωτερικών.

Η ΓΑΛΛΙΑ ΕΠΙΦΕΡΕΙ ΟΥΣΙΑΔΕΙΣ ΜΕΤΑΒΟΛΑΣ ΕΙΣ ΤΟΝ ΝΟΜΟΝ ΠΕΡΙ ΠΑΤΡΙΚΗΣ ΕΞΟΥΣΙΑΣ

ΠΑΡΙΣΙΟΙ, 16. (Γ.Β.).— Η γαλλική κυβέρνησις ενέκρινε νομοσχέδιον με το οποίον επέρχονται ουσιώδεις μεταβολαί εις την πατρικήν εξουσίαν, η οποία πλέον θα ασκήται εξ ίσου υπό αμφοτέρων των γονέων.

ΠΟΙΕΣ ΚΑΛΛΙΤΕΧΝΙΔΕΣ ΘΑ ΑΝΤΙΚΑΤΑΣΤΗΣΟΥΝ ΤΙΣ ΠΕΝΤΕ ΜΕΓΑΛΑΣ ΤΗΣ ΑΓΓΛΙΚΗΣ ΣΚΗΝΗΣ

ΛΟΝΔΙΝΟΝ, 16. (Ηνωμ. Τύπος).— Έχει αρχίσει ή συζήτησις δια το ποίαι νέαι ηθοποιοί θα διαδεχθούν τας πέντε μεγάλας κυρίας της αγγλικής σκηνής.

ΤΑ ΤΕΧΝΗΤΑ ΓΛΥΚΑΝΤΙΚΑ ΤΩΝ ΣΑΚΧΑΡΟΥΧΩΝ ΚΑΙ ΝΕΑ ΛΙΠΑΣΜΑΤΑ ΥΨΗΛΗΣ ΑΠΟΔΟΣΕΩΣ

ΛΟΝΔΙΝΟΝ, 16. (Ηνωμ. Τύπος).— Μία βρετανική επιστημονική ομάς ανεκάλυψε νέον γλυκαντικόν, το οποίον είναι μέχρι και 200 φοράς γλυκύτερον της ζαχάρεως, καθώς και νέα λιπάσματα υψηλής αποδόσεως.

ΟΥΔΕΜΙΑ ΠΡΟΟΔΟΣ ΚΑΤΑ ΤΑΣ ΣΥΝΟΜΙΛΙΑΣ ΚΑΙ ΚΑΤΑ ΤΗΝ ΝΕΑΝ ΣΥΝΟΔΟΝ ΤΩΝ ΠΑΡΙΣΙΩΝ
ΣΥΝΕΧΕΙΑ ΕΚ ΤΗΣ 6ΗΣ ΣΕΛ.

Αί συνομιλίαι των Παρισίων δια το Βιετνάμ δεν σημείωσαν ουδεμίαν πρόοδον κατά την νέαν σύνοδον. Αί αντιπροσωπείαι επανέλαβον τας γνωστάς θέσεις των και ή επομένη σύνοδος ορίσθη δια την προσεχή Πέμπτην.

Αί συνομιλίαι των Παρισίων δια το Βιετνάμ δεν σημείωσαν ουδεμίαν πρόοδον κατά την νέαν σύνοδον. Αί αντιπροσωπείαι επανέλαβον τας γνωστάς θέσεις των και ή επομένη σύνοδος ορίσθη δια την προσεχή Πέμπτην.
